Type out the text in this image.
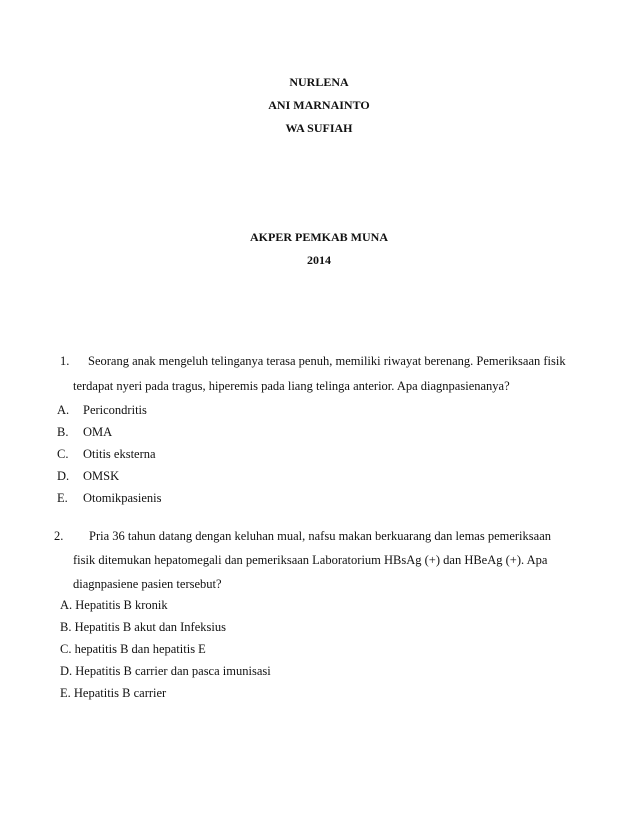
NURLENA
ANI MARNAINTO
WA SUFIAH
AKPER PEMKAB MUNA
2014
1. Seorang anak mengeluh telinganya terasa penuh, memiliki riwayat berenang. Pemeriksaan fisik
terdapat nyeri pada tragus, hiperemis pada liang telinga anterior. Apa diagnpasienanya?
A. Pericondritis
B. OMA
C. Otitis eksterna
D. OMSK
E. Otomikpasienis
2. Pria 36 tahun datang dengan keluhan mual, nafsu makan berkuarang dan lemas pemeriksaan
fisik ditemukan hepatomegali dan pemeriksaan Laboratorium HBsAg (+) dan HBeAg (+). Apa
diagnpasiene pasien tersebut?
A. Hepatitis B kronik
B. Hepatitis B akut dan Infeksius
C. hepatitis B dan hepatitis E
D. Hepatitis B carrier dan pasca imunisasi
E. Hepatitis B carrier
